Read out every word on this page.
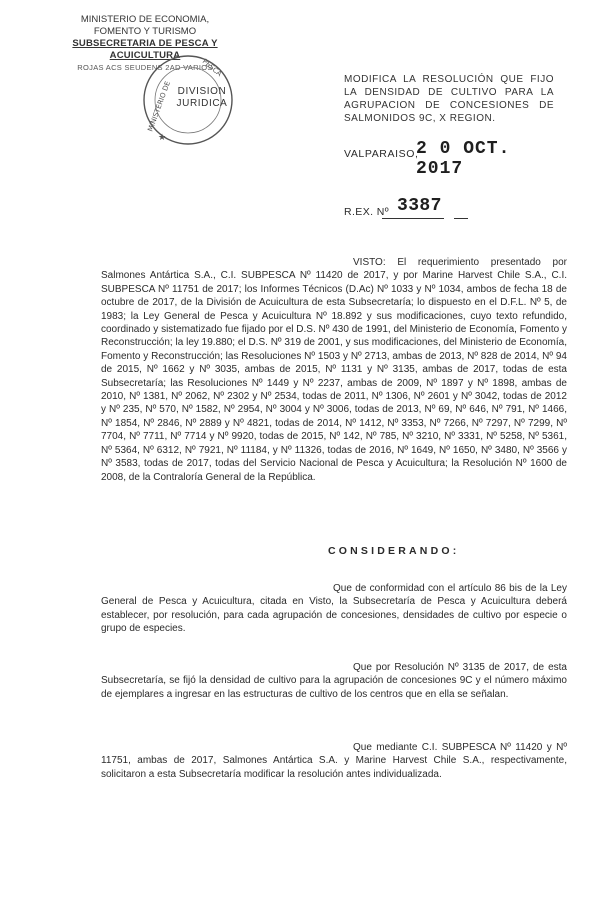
MINISTERIO DE ECONOMIA,
FOMENTO Y TURISMO
SUBSECRETARIA DE PESCA Y ACUICULTURA
ROJAS ACS SEUDENS 2AD VARIOS
MINISTERIO DE
PESCA
★
DIVISION
JURIDICA
MODIFICA LA RESOLUCIÓN QUE FIJO LA DENSIDAD DE CULTIVO PARA LA AGRUPACION DE CONCESIONES DE SALMONIDOS 9C, X REGION.
VALPARAISO,
2 0 OCT. 2017
R.EX. Nº 3387
VISTO: El requerimiento presentado por Salmones Antártica S.A., C.I. SUBPESCA Nº 11420 de 2017, y por Marine Harvest Chile S.A., C.I. SUBPESCA Nº 11751 de 2017; los Informes Técnicos (D.Ac) Nº 1033 y Nº 1034, ambos de fecha 18 de octubre de 2017, de la División de Acuicultura de esta Subsecretaría; lo dispuesto en el D.F.L. Nº 5, de 1983; la Ley General de Pesca y Acuicultura Nº 18.892 y sus modificaciones, cuyo texto refundido, coordinado y sistematizado fue fijado por el D.S. Nº 430 de 1991, del Ministerio de Economía, Fomento y Reconstrucción; la ley 19.880; el D.S. Nº 319 de 2001, y sus modificaciones, del Ministerio de Economía, Fomento y Reconstrucción; las Resoluciones Nº 1503 y Nº 2713, ambas de 2013, Nº 828 de 2014, Nº 94 de 2015, Nº 1662 y Nº 3035, ambas de 2015, Nº 1131 y Nº 3135, ambas de 2017, todas de esta Subsecretaría; las Resoluciones Nº 1449 y Nº 2237, ambas de 2009, Nº 1897 y Nº 1898, ambas de 2010, Nº 1381, Nº 2062, Nº 2302 y Nº 2534, todas de 2011, Nº 1306, Nº 2601 y Nº 3042, todas de 2012 y Nº 235, Nº 570, Nº 1582, Nº 2954, Nº 3004 y Nº 3006, todas de 2013, Nº 69, Nº 646, Nº 791, Nº 1466, Nº 1854, Nº 2846, Nº 2889 y Nº 4821, todas de 2014, Nº 1412, Nº 3353, Nº 7266, Nº 7297, Nº 7299, Nº 7704, Nº 7711, Nº 7714 y Nº 9920, todas de 2015, Nº 142, Nº 785, Nº 3210, Nº 3331, Nº 5258, Nº 5361, Nº 5364, Nº 6312, Nº 7921, Nº 11184, y Nº 11326, todas de 2016, Nº 1649, Nº 1650, Nº 3480, Nº 3566 y Nº 3583, todas de 2017, todas del Servicio Nacional de Pesca y Acuicultura; la Resolución Nº 1600 de 2008, de la Contraloría General de la República.
CONSIDERANDO:
Que de conformidad con el artículo 86 bis de la Ley General de Pesca y Acuicultura, citada en Visto, la Subsecretaría de Pesca y Acuicultura deberá establecer, por resolución, para cada agrupación de concesiones, densidades de cultivo por especie o grupo de especies.
Que por Resolución Nº 3135 de 2017, de esta Subsecretaría, se fijó la densidad de cultivo para la agrupación de concesiones 9C y el número máximo de ejemplares a ingresar en las estructuras de cultivo de los centros que en ella se señalan.
Que mediante C.I. SUBPESCA Nº 11420 y Nº 11751, ambas de 2017, Salmones Antártica S.A. y Marine Harvest Chile S.A., respectivamente, solicitaron a esta Subsecretaría modificar la resolución antes individualizada.
